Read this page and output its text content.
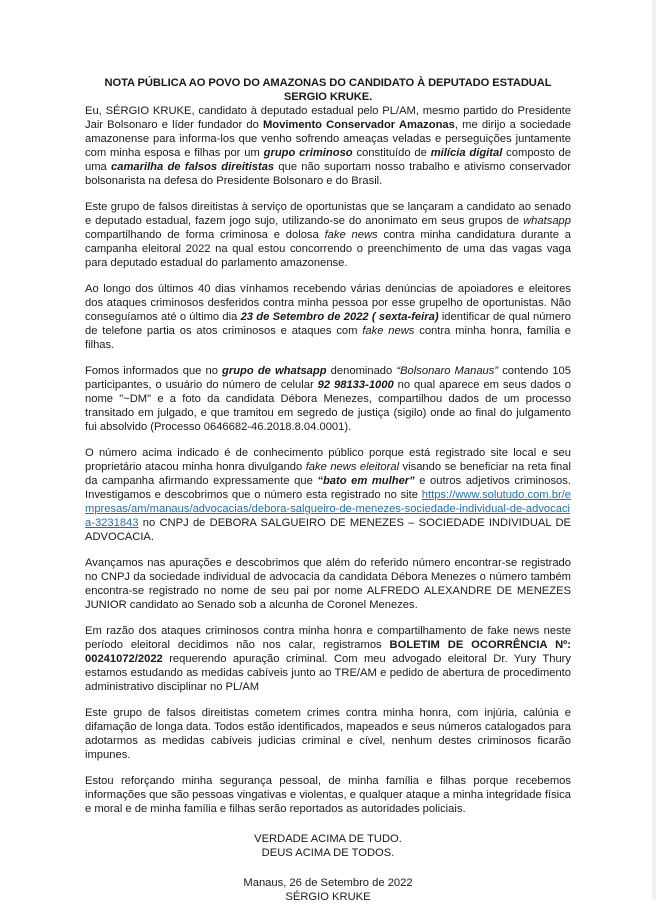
NOTA PÚBLICA AO POVO DO AMAZONAS DO CANDIDATO À DEPUTADO ESTADUAL SERGIO KRUKE.

Eu, SÉRGIO KRUKE, candidato à deputado estadual pelo PL/AM, mesmo partido do Presidente Jair Bolsonaro e líder fundador do Movimento Conservador Amazonas, me dirijo a sociedade amazonense para informa-los que venho sofrendo ameaças veladas e perseguições juntamente com minha esposa e filhas por um grupo criminoso constituído de milícia digital composto de uma camarilha de falsos direitistas que não suportam nosso trabalho e ativismo conservador bolsonarista na defesa do Presidente Bolsonaro e do Brasil.

Este grupo de falsos direitistas à serviço de oportunistas que se lançaram a candidato ao senado e deputado estadual, fazem jogo sujo, utilizando-se do anonimato em seus grupos de whatsapp compartilhando de forma criminosa e dolosa fake news contra minha candidatura durante a campanha eleitoral 2022 na qual estou concorrendo o preenchimento de uma das vagas vaga para deputado estadual do parlamento amazonense.

Ao longo dos últimos 40 dias vínhamos recebendo várias denúncias de apoiadores e eleitores dos ataques criminosos desferidos contra minha pessoa por esse grupelho de oportunistas. Não conseguíamos até o último dia 23 de Setembro de 2022 ( sexta-feira) identificar de qual número de telefone partia os atos criminosos e ataques com fake news contra minha honra, família e filhas.

Fomos informados que no grupo de whatsapp denominado “Bolsonaro Manaus” contendo 105 participantes, o usuário do número de celular 92 98133-1000 no qual aparece em seus dados o nome "~DM" e a foto da candidata Débora Menezes, compartilhou dados de um processo transitado em julgado, e que tramitou em segredo de justiça (sigilo) onde ao final do julgamento fui absolvido (Processo 0646682-46.2018.8.04.0001).

O número acima indicado é de conhecimento público porque está registrado site local e seu proprietário atacou minha honra divulgando fake news eleitoral visando se beneficiar na reta final da campanha afirmando expressamente que “bato em mulher” e outros adjetivos criminosos. Investigamos e descobrimos que o número esta registrado no site https://www.solutudo.com.br/empresas/am/manaus/advocacias/debora-salgueiro-de-menezes-sociedade-individual-de-advocacia-3231843 no CNPJ de DEBORA SALGUEIRO DE MENEZES – SOCIEDADE INDIVIDUAL DE ADVOCACIA.

Avançamos nas apurações e descobrimos que além do referido número encontrar-se registrado no CNPJ da sociedade individual de advocacia da candidata Débora Menezes o número também encontra-se registrado no nome de seu pai por nome ALFREDO ALEXANDRE DE MENEZES JUNIOR candidato ao Senado sob a alcunha de Coronel Menezes.

Em razão dos ataques criminosos contra minha honra e compartilhamento de fake news neste período eleitoral decidimos não nos calar, registramos BOLETIM DE OCORRÊNCIA Nº: 00241072/2022 requerendo apuração criminal. Com meu advogado eleitoral Dr. Yury Thury estamos estudando as medidas cabíveis junto ao TRE/AM e pedido de abertura de procedimento administrativo disciplinar no PL/AM

Este grupo de falsos direitistas cometem crimes contra minha honra, com injúria, calúnia e difamação de longa data. Todos estão identificados, mapeados e seus números catalogados para adotarmos as medidas cabíveis judicias criminal e cível, nenhum destes criminosos ficarão impunes.

Estou reforçando minha segurança pessoal, de minha família e filhas porque recebemos informações que são pessoas vingativas e violentas, e qualquer ataque a minha integridade física e moral e de minha família e filhas serão reportados as autoridades policiais.

VERDADE ACIMA DE TUDO.

DEUS ACIMA DE TODOS.

Manaus, 26 de Setembro de 2022

SÉRGIO KRUKE
